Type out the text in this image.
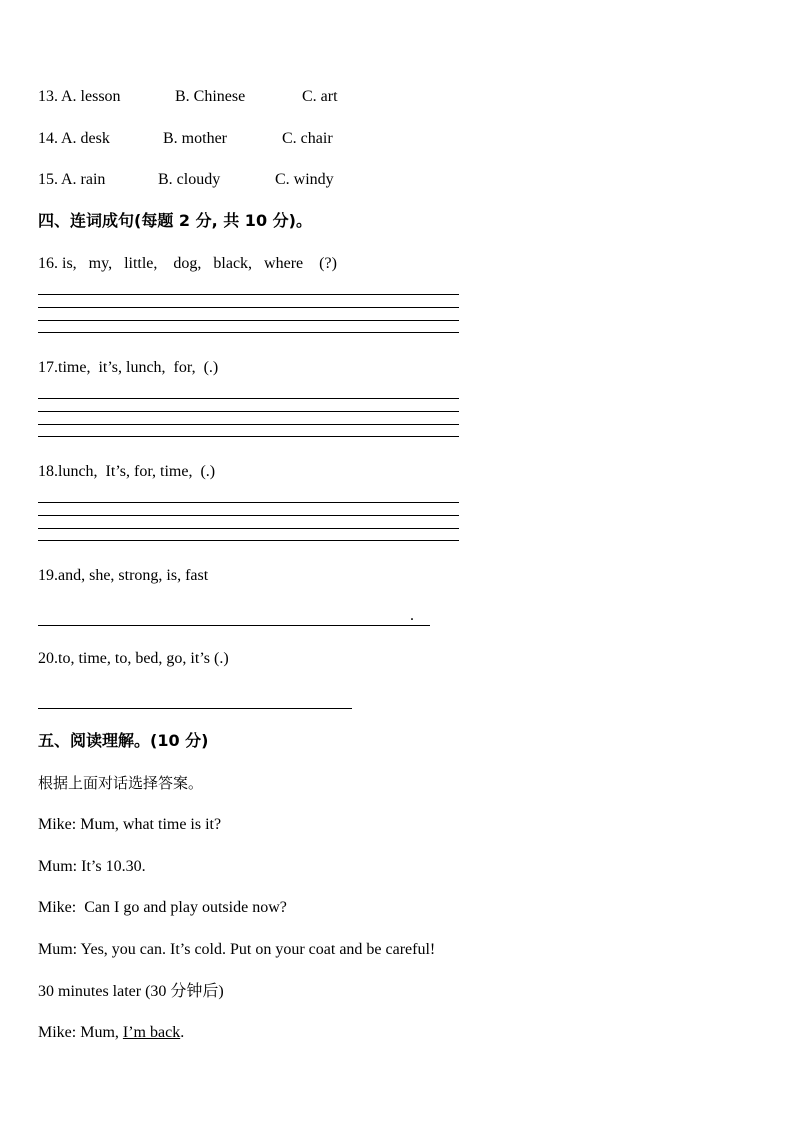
13. A. lesson	B. Chinese	C. art
14. A. desk	B. mother	C. chair
15. A. rain	B. cloudy	C. windy
四、连词成句(每题 2 分, 共 10 分)。
16. is,   my,   little,    dog,   black,   where    (?)
17.time,  it’s, lunch,  for,  (.)
18.lunch,  It’s, for, time,  (.)
19.and, she, strong, is, fast
.
20.to, time, to, bed, go, it’s (.)
五、阅读理解。(10 分)
根据上面对话选择答案。
Mike: Mum, what time is it?
Mum: It’s 10.30.
Mike:  Can I go and play outside now?
Mum: Yes, you can. It’s cold. Put on your coat and be careful!
30 minutes later (30 分钟后)
Mike: Mum, I’m back.
